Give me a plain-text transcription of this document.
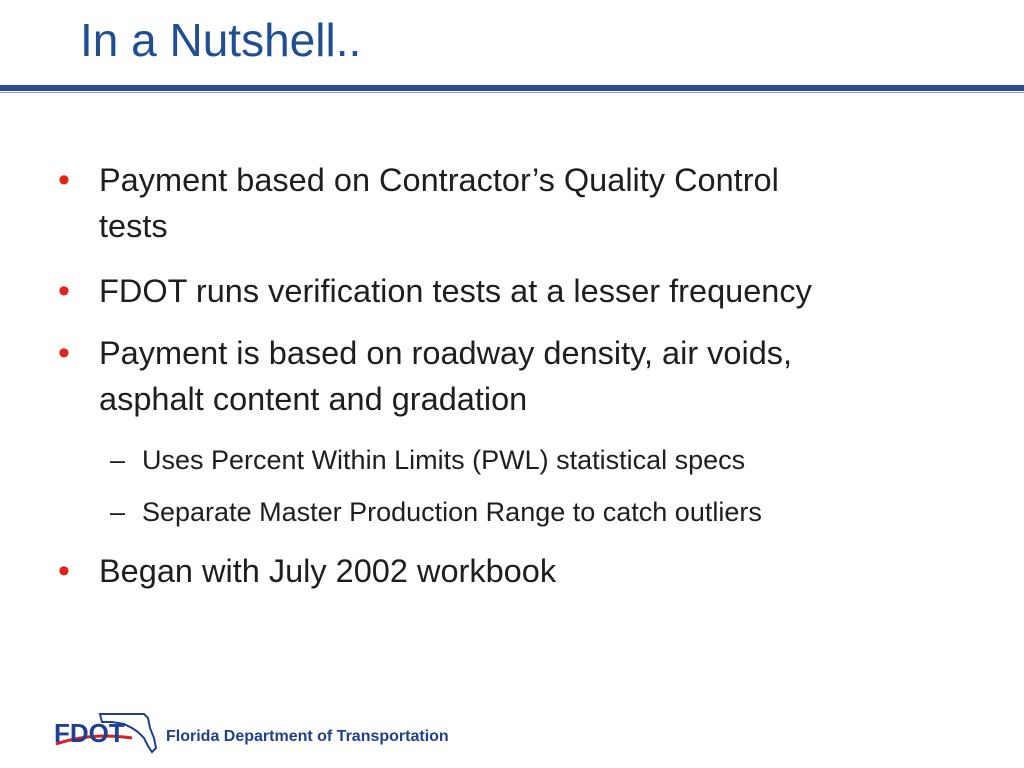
In a Nutshell..
• Payment based on Contractor’s Quality Control
tests
• FDOT runs verification tests at a lesser frequency
• Payment is based on roadway density, air voids,
asphalt content and gradation
– Uses Percent Within Limits (PWL) statistical specs
– Separate Master Production Range to catch outliers
• Began with July 2002 workbook
FDOT	Florida Department of Transportation
